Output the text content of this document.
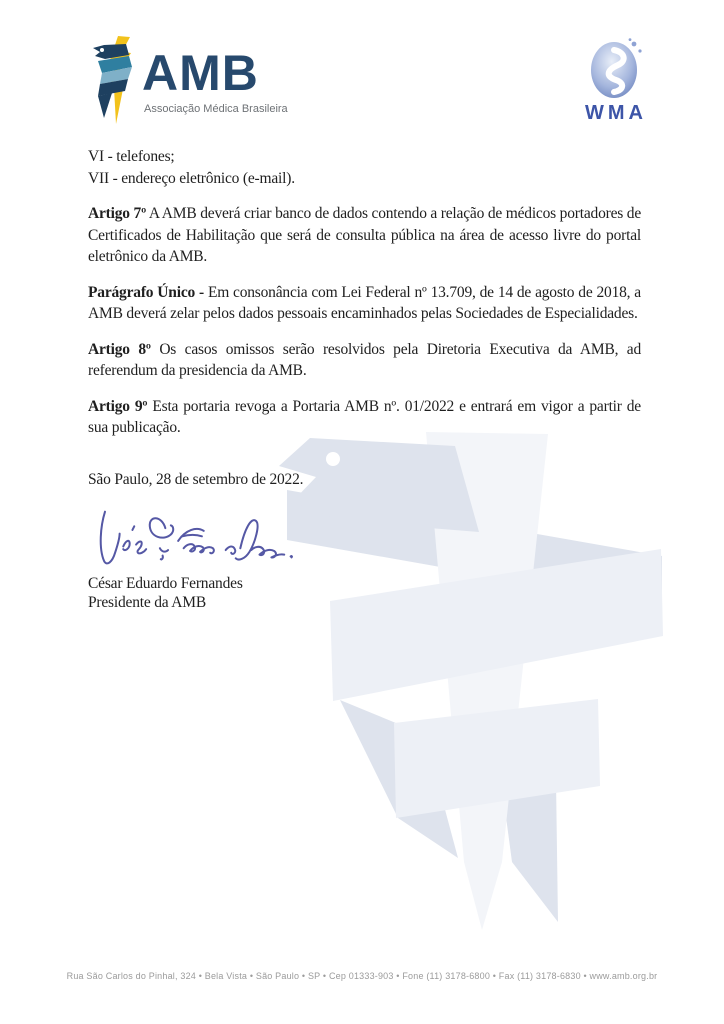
AMB
Associação Médica Brasileira	WMA
VI - telefones;
VII - endereço eletrônico (e-mail).

Artigo 7º A AMB deverá criar banco de dados contendo a relação de médicos portadores de Certificados de Habilitação que será de consulta pública na área de acesso livre do portal eletrônico da AMB.

Parágrafo Único - Em consonância com Lei Federal nº 13.709, de 14 de agosto de 2018, a AMB deverá zelar pelos dados pessoais encaminhados pelas Sociedades de Especialidades.

Artigo 8º Os casos omissos serão resolvidos pela Diretoria Executiva da AMB, ad referendum da presidencia da AMB.

Artigo 9º Esta portaria revoga a Portaria AMB nº. 01/2022 e entrará em vigor a partir de sua publicação.

São Paulo, 28 de setembro de 2022.
César Eduardo Fernandes
Presidente da AMB
Rua São Carlos do Pinhal, 324 • Bela Vista • São Paulo • SP • Cep 01333-903 • Fone (11) 3178-6800 • Fax (11) 3178-6830 • www.amb.org.br
